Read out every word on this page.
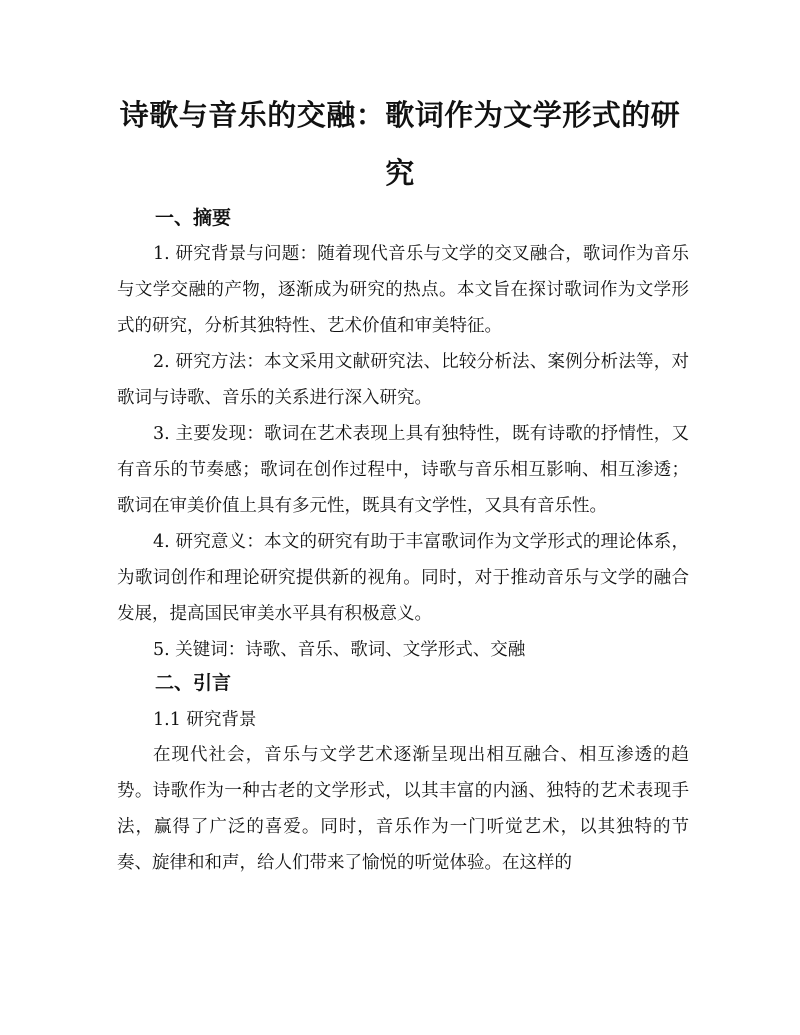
诗歌与音乐的交融：歌词作为文学形式的研究
一、摘要

1. 研究背景与问题：随着现代音乐与文学的交叉融合，歌词作为音乐与文学交融的产物，逐渐成为研究的热点。本文旨在探讨歌词作为文学形式的研究，分析其独特性、艺术价值和审美特征。

2. 研究方法：本文采用文献研究法、比较分析法、案例分析法等，对歌词与诗歌、音乐的关系进行深入研究。

3. 主要发现：歌词在艺术表现上具有独特性，既有诗歌的抒情性，又有音乐的节奏感；歌词在创作过程中，诗歌与音乐相互影响、相互渗透；歌词在审美价值上具有多元性，既具有文学性，又具有音乐性。

4. 研究意义：本文的研究有助于丰富歌词作为文学形式的理论体系，为歌词创作和理论研究提供新的视角。同时，对于推动音乐与文学的融合发展，提高国民审美水平具有积极意义。

5. 关键词：诗歌、音乐、歌词、文学形式、交融

二、引言

1.1 研究背景

在现代社会，音乐与文学艺术逐渐呈现出相互融合、相互渗透的趋势。诗歌作为一种古老的文学形式，以其丰富的内涵、独特的艺术表现手法，赢得了广泛的喜爱。同时，音乐作为一门听觉艺术，以其独特的节奏、旋律和和声，给人们带来了愉悦的听觉体验。在这样的
